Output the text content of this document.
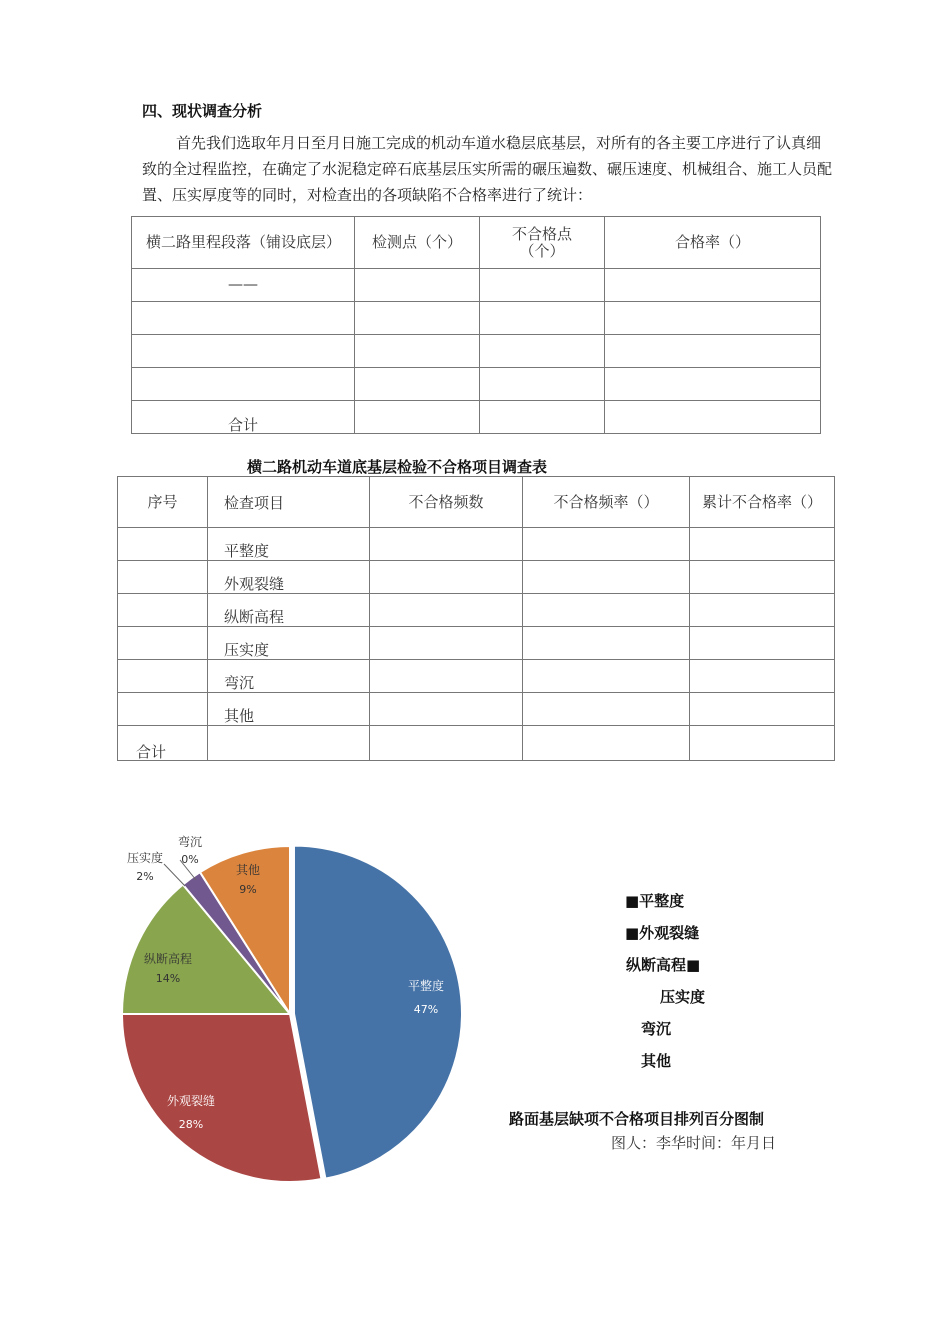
四、现状调查分析

首先我们选取年月日至月日施工完成的机动车道水稳层底基层，对所有的各主要工序进行了认真细致的全过程监控，在确定了水泥稳定碎石底基层压实所需的碾压遍数、碾压速度、机械组合、施工人员配置、压实厚度等的同时，对检查出的各项缺陷不合格率进行了统计：

横二路里程段落（铺设底层）	检测点（个）	不合格点（个）	合格率（）
——			

合计			
横二路机动车道底基层检验不合格项目调查表
序号	检查项目	不合格频数	不合格频率（）	累计不合格率（）
	平整度			
	外观裂缝			
	纵断高程			
	压实度			
	弯沉			
	其他			
合计				
平整度
47%
外观裂缝
28%
纵断高程
14%
压实度
2%
弯沉
0%
其他
9%
■平整度
■外观裂缝
纵断高程■
压实度
弯沉
其他
路面基层缺项不合格项目排列百分图制
图人：李华时间：年月日
